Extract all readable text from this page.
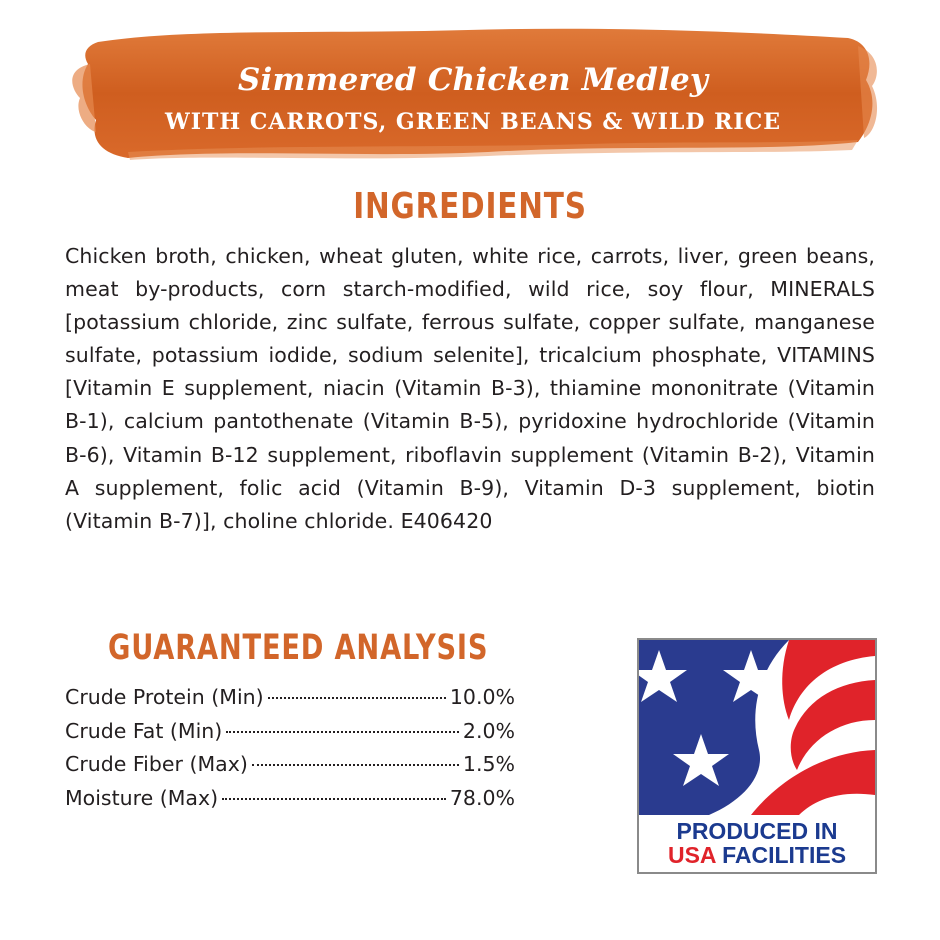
Simmered Chicken Medley
WITH CARROTS, GREEN BEANS & WILD RICE
INGREDIENTS
Chicken broth, chicken, wheat gluten, white rice, carrots, liver, green beans, meat by-products, corn starch-modified, wild rice, soy flour, MINERALS [potassium chloride, zinc sulfate, ferrous sulfate, copper sulfate, manganese sulfate, potassium iodide, sodium selenite], tricalcium phosphate, VITAMINS [Vitamin E supplement, niacin (Vitamin B-3), thiamine mononitrate (Vitamin B-1), calcium pantothenate (Vitamin B-5), pyridoxine hydrochloride (Vitamin B-6), Vitamin B-12 supplement, riboflavin supplement (Vitamin B-2), Vitamin A supplement, folic acid (Vitamin B-9), Vitamin D-3 supplement, biotin (Vitamin B-7)], choline chloride. E406420
GUARANTEED ANALYSIS
Crude Protein (Min)	10.0%
Crude Fat (Min)	2.0%
Crude Fiber (Max)	1.5%
Moisture (Max)	78.0%
PRODUCED IN
USA FACILITIES
